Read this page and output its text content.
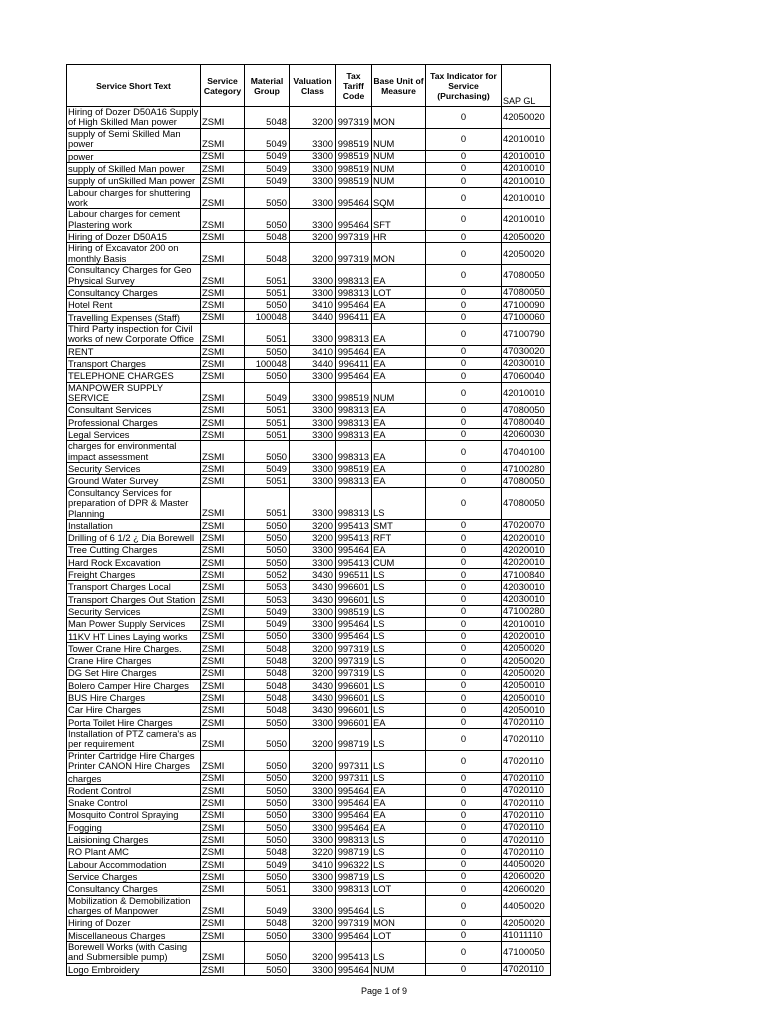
Service Short Text	Service Category	Material Group	Valuation Class	Tax Tariff Code	Base Unit of Measure	Tax Indicator for Service (Purchasing)	SAP GL
Hiring of Dozer D50A16 Supply of High Skilled Man power	ZSMI	5048	3200	997319	MON	0	42050020
supply of Semi Skilled Man power	ZSMI	5049	3300	998519	NUM	0	42010010
power	ZSMI	5049	3300	998519	NUM	0	42010010
supply of Skilled Man power	ZSMI	5049	3300	998519	NUM	0	42010010
supply of unSkilled Man power	ZSMI	5049	3300	998519	NUM	0	42010010
Labour charges for shuttering work	ZSMI	5050	3300	995464	SQM	0	42010010
Labour charges for cement Plastering work	ZSMI	5050	3300	995464	SFT	0	42010010
Hiring of Dozer D50A15	ZSMI	5048	3200	997319	HR	0	42050020
Hiring of Excavator 200 on monthly Basis	ZSMI	5048	3200	997319	MON	0	42050020
Consultancy Charges for Geo Physical Survey	ZSMI	5051	3300	998313	EA	0	47080050
Consultancy Charges	ZSMI	5051	3300	998313	LOT	0	47080050
Hotel Rent	ZSMI	5050	3410	995464	EA	0	47100090
Travelling Expenses (Staff)	ZSMI	100048	3440	996411	EA	0	47100060
Third Party inspection for Civil works of new Corporate Office	ZSMI	5051	3300	998313	EA	0	47100790
RENT	ZSMI	5050	3410	995464	EA	0	47030020
Transport Charges	ZSMI	100048	3440	996411	EA	0	42030010
TELEPHONE CHARGES	ZSMI	5050	3300	995464	EA	0	47060040
MANPOWER SUPPLY SERVICE	ZSMI	5049	3300	998519	NUM	0	42010010
Consultant Services	ZSMI	5051	3300	998313	EA	0	47080050
Professional Charges	ZSMI	5051	3300	998313	EA	0	47080040
Legal Services	ZSMI	5051	3300	998313	EA	0	42060030
charges for environmental impact assessment	ZSMI	5050	3300	998313	EA	0	47040100
Security Services	ZSMI	5049	3300	998519	EA	0	47100280
Ground Water Survey	ZSMI	5051	3300	998313	EA	0	47080050
Consultancy Services for preparation of DPR & Master Planning	ZSMI	5051	3300	998313	LS	0	47080050
Installation	ZSMI	5050	3200	995413	SMT	0	47020070
Drilling of 6 1/2 ¿ Dia Borewell	ZSMI	5050	3200	995413	RFT	0	42020010
Tree Cutting Charges	ZSMI	5050	3300	995464	EA	0	42020010
Hard Rock Excavation	ZSMI	5050	3300	995413	CUM	0	42020010
Freight Charges	ZSMI	5052	3430	996511	LS	0	47100840
Transport Charges Local	ZSMI	5053	3430	996601	LS	0	42030010
Transport Charges Out Station	ZSMI	5053	3430	996601	LS	0	42030010
Security Services	ZSMI	5049	3300	998519	LS	0	47100280
Man Power Supply Services	ZSMI	5049	3300	995464	LS	0	42010010
11KV HT Lines Laying works	ZSMI	5050	3300	995464	LS	0	42020010
Tower Crane Hire Charges.	ZSMI	5048	3200	997319	LS	0	42050020
Crane Hire Charges	ZSMI	5048	3200	997319	LS	0	42050020
DG Set Hire Charges	ZSMI	5048	3200	997319	LS	0	42050020
Bolero Camper Hire Charges	ZSMI	5048	3430	996601	LS	0	42050010
BUS Hire Charges	ZSMI	5048	3430	996601	LS	0	42050010
Car Hire Charges	ZSMI	5048	3430	996601	LS	0	42050010
Porta Toilet Hire Charges	ZSMI	5050	3300	996601	EA	0	47020110
Installation of PTZ camera's as per requirement	ZSMI	5050	3200	998719	LS	0	47020110
Printer Cartridge Hire Charges Printer CANON Hire Charges	ZSMI	5050	3200	997311	LS	0	47020110
charges	ZSMI	5050	3200	997311	LS	0	47020110
Rodent Control	ZSMI	5050	3300	995464	EA	0	47020110
Snake Control	ZSMI	5050	3300	995464	EA	0	47020110
Mosquito Control Spraying	ZSMI	5050	3300	995464	EA	0	47020110
Fogging	ZSMI	5050	3300	995464	EA	0	47020110
Laisioning Charges	ZSMI	5050	3300	998313	LS	0	47020110
RO Plant AMC	ZSMI	5048	3220	998719	LS	0	47020110
Labour Accommodation	ZSMI	5049	3410	996322	LS	0	44050020
Service Charges	ZSMI	5050	3300	998719	LS	0	42060020
Consultancy Charges	ZSMI	5051	3300	998313	LOT	0	42060020
Mobilization & Demobilization charges of Manpower	ZSMI	5049	3300	995464	LS	0	44050020
Hiring of Dozer	ZSMI	5048	3200	997319	MON	0	42050020
Miscellaneous Charges	ZSMI	5050	3300	995464	LOT	0	41011110
Borewell Works (with Casing and Submersible pump)	ZSMI	5050	3200	995413	LS	0	47100050
Logo Embroidery	ZSMI	5050	3300	995464	NUM	0	47020110
Page 1 of 9
